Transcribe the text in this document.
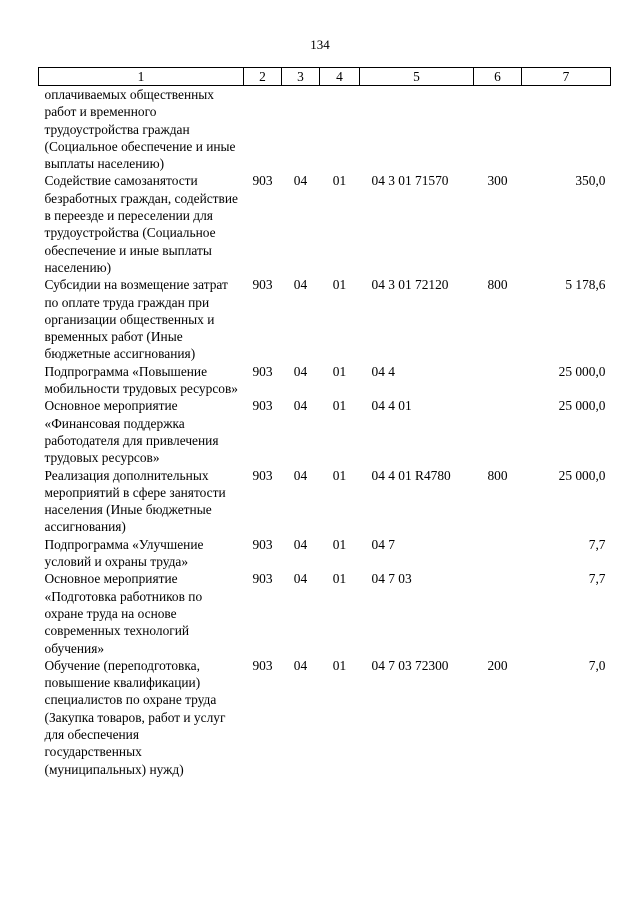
134
1	2	3	4	5	6	7
оплачиваемых общественных работ и временного трудоустройства граждан (Социальное обеспечение и иные выплаты населению)						
Содействие самозанятости безработных граждан, содействие в переезде и переселении для трудоустройства (Социальное обеспечение и иные выплаты населению)	903	04	01	04 3 01 71570	300	350,0
Субсидии на возмещение затрат по оплате труда граждан при организации общественных и временных работ (Иные бюджетные ассигнования)	903	04	01	04 3 01 72120	800	5 178,6
Подпрограмма «Повышение мобильности трудовых ресурсов»	903	04	01	04 4		25 000,0
Основное мероприятие «Финансовая поддержка работодателя для привлечения трудовых ресурсов»	903	04	01	04 4 01		25 000,0
Реализация дополнительных мероприятий в сфере занятости населения (Иные бюджетные ассигнования)	903	04	01	04 4 01 R4780	800	25 000,0
Подпрограмма «Улучшение условий и охраны труда»	903	04	01	04 7		7,7
Основное мероприятие «Подготовка работников по охране труда на основе современных технологий обучения»	903	04	01	04 7 03		7,7
Обучение (переподготовка, повышение квалификации) специалистов по охране труда (Закупка товаров, работ и услуг для обеспечения государственных (муниципальных) нужд)	903	04	01	04 7 03 72300	200	7,0
